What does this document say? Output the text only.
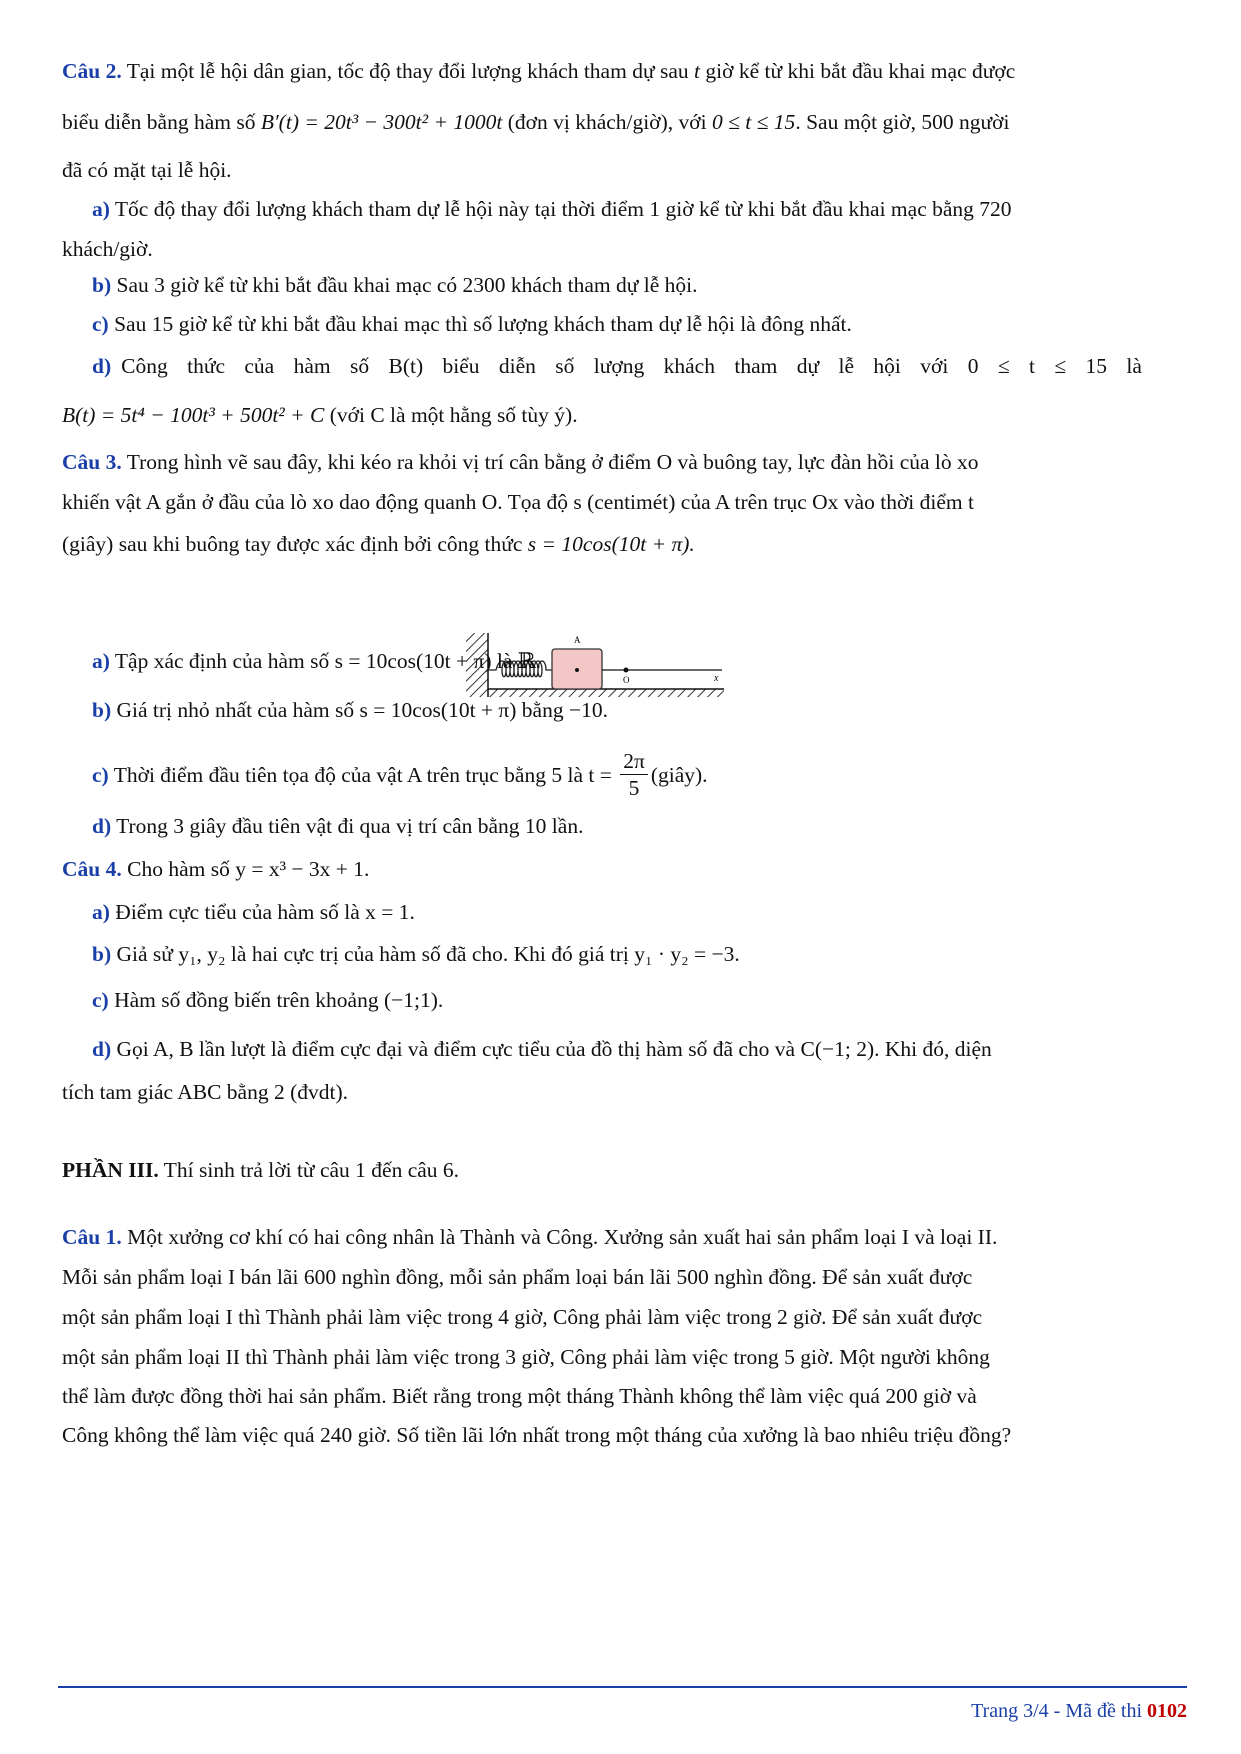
Câu 2. Tại một lễ hội dân gian, tốc độ thay đổi lượng khách tham dự sau t giờ kể từ khi bắt đầu khai mạc được
biểu diễn bằng hàm số B′(t) = 20t³ − 300t² + 1000t (đơn vị khách/giờ), với 0 ≤ t ≤ 15. Sau một giờ, 500 người
đã có mặt tại lễ hội.
a) Tốc độ thay đổi lượng khách tham dự lễ hội này tại thời điểm 1 giờ kể từ khi bắt đầu khai mạc bằng 720
khách/giờ.
b) Sau 3 giờ kể từ khi bắt đầu khai mạc có 2300 khách tham dự lễ hội.
c) Sau 15 giờ kể từ khi bắt đầu khai mạc thì số lượng khách tham dự lễ hội là đông nhất.
d) Công thức của hàm số B(t) biểu diễn số lượng khách tham dự lễ hội với 0 ≤ t ≤ 15 là
B(t) = 5t⁴ − 100t³ + 500t² + C (với C là một hằng số tùy ý).
Câu 3. Trong hình vẽ sau đây, khi kéo ra khỏi vị trí cân bằng ở điểm O và buông tay, lực đàn hồi của lò xo
khiến vật A gắn ở đầu của lò xo dao động quanh O. Tọa độ s (centimét) của A trên trục Ox vào thời điểm t
(giây) sau khi buông tay được xác định bởi công thức s = 10cos(10t + π).
A
O	x
a) Tập xác định của hàm số s = 10cos(10t + π) là ℝ.
b) Giá trị nhỏ nhất của hàm số s = 10cos(10t + π) bằng −10.
c) Thời điểm đầu tiên tọa độ của vật A trên trục bằng 5 là $t = \frac{2\pi}{5}$ (giây).
d) Trong 3 giây đầu tiên vật đi qua vị trí cân bằng 10 lần.
Câu 4. Cho hàm số y = x³ − 3x + 1.
a) Điểm cực tiểu của hàm số là x = 1.
b) Giả sử y₁, y₂ là hai cực trị của hàm số đã cho. Khi đó giá trị y₁ · y₂ = −3.
c) Hàm số đồng biến trên khoảng (−1;1).
d) Gọi A, B lần lượt là điểm cực đại và điểm cực tiểu của đồ thị hàm số đã cho và C(−1; 2). Khi đó, diện
tích tam giác ABC bằng 2 (đvdt).
PHẦN III. Thí sinh trả lời từ câu 1 đến câu 6.
Câu 1. Một xưởng cơ khí có hai công nhân là Thành và Công. Xưởng sản xuất hai sản phẩm loại I và loại II.
Mỗi sản phẩm loại I bán lãi 600 nghìn đồng, mỗi sản phẩm loại bán lãi 500 nghìn đồng. Để sản xuất được
một sản phẩm loại I thì Thành phải làm việc trong 4 giờ, Công phải làm việc trong 2 giờ. Để sản xuất được
một sản phẩm loại II thì Thành phải làm việc trong 3 giờ, Công phải làm việc trong 5 giờ. Một người không
thể làm được đồng thời hai sản phẩm. Biết rằng trong một tháng Thành không thể làm việc quá 200 giờ và
Công không thể làm việc quá 240 giờ. Số tiền lãi lớn nhất trong một tháng của xưởng là bao nhiêu triệu đồng?
Trang 3/4 - Mã đề thi 0102
